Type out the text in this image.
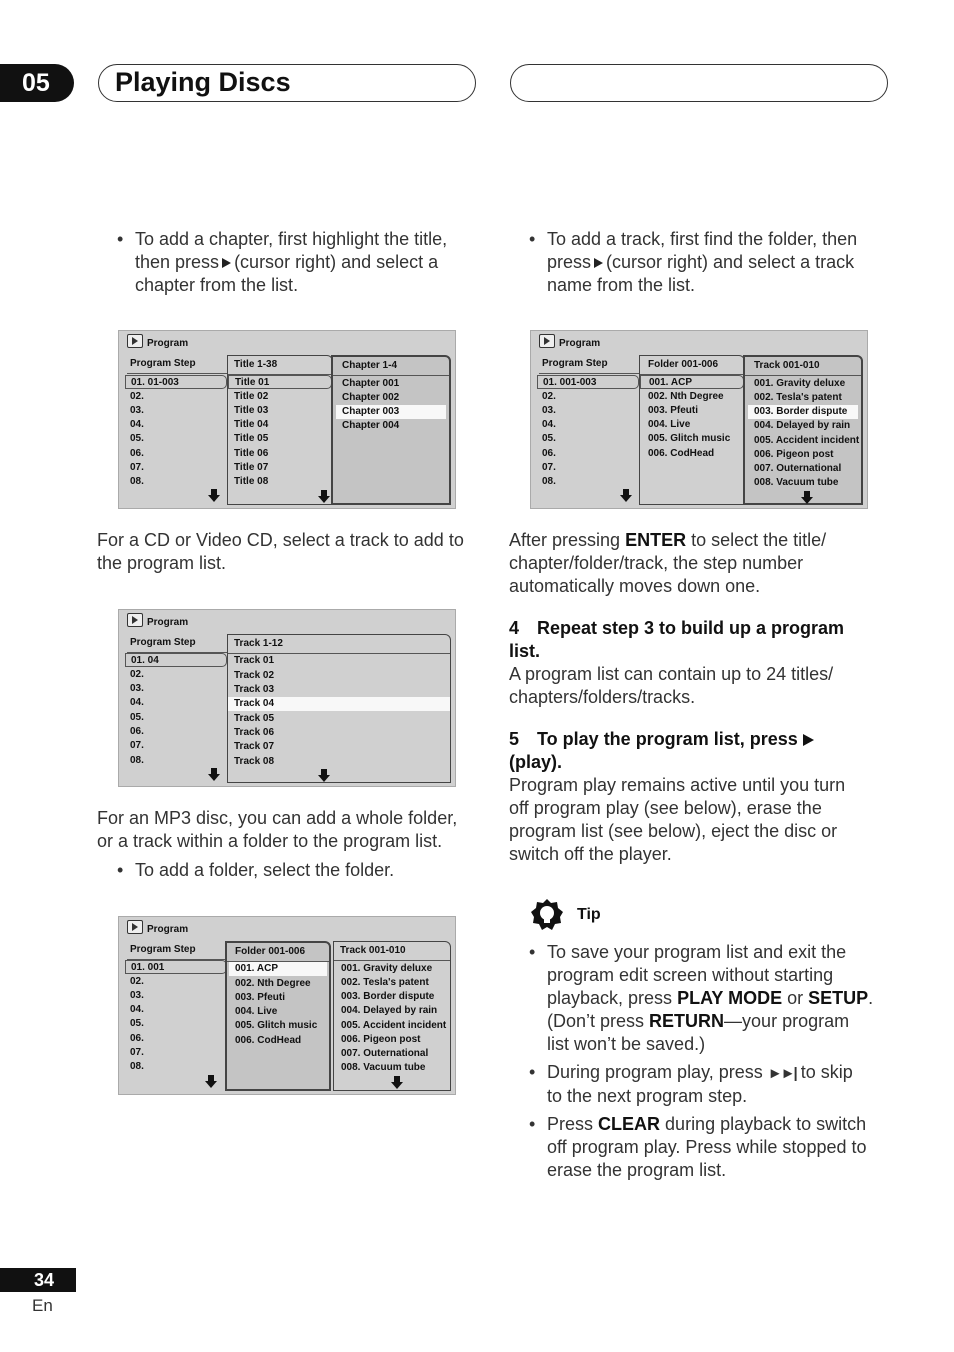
05	Playing Discs
• To add a chapter, first highlight the title,
then press (cursor right) and select a
chapter from the list.
Program
Program Step
01. 01-003
02.
03.
04.
05.
06.
07.
08.
Title 1-38
Title 01
Title 02
Title 03
Title 04
Title 05
Title 06
Title 07
Title 08
Chapter 1-4
Chapter 001
Chapter 002
Chapter 003
Chapter 004
For a CD or Video CD, select a track to add to
the program list.
Program
Program Step
01. 04
02.
03.
04.
05.
06.
07.
08.
Track 1-12
Track 01
Track 02
Track 03
Track 04
Track 05
Track 06
Track 07
Track 08
For an MP3 disc, you can add a whole folder,
or a track within a folder to the program list.
• To add a folder, select the folder.
Program
Program Step
01. 001
02.
03.
04.
05.
06.
07.
08.
Folder 001-006
001. ACP
002. Nth Degree
003. Pfeuti
004. Live
005. Glitch music
006. CodHead
Track 001-010
001. Gravity deluxe
002. Tesla's patent
003. Border dispute
004. Delayed by rain
005. Accident incident
006. Pigeon post
007. Outernational
008. Vacuum tube
• To add a track, first find the folder, then
press (cursor right) and select a track
name from the list.
Program
Program Step
01. 001-003
02.
03.
04.
05.
06.
07.
08.
Folder 001-006
001. ACP
002. Nth Degree
003. Pfeuti
004. Live
005. Glitch music
006. CodHead
Track 001-010
001. Gravity deluxe
002. Tesla's patent
003. Border dispute
004. Delayed by rain
005. Accident incident
006. Pigeon post
007. Outernational
008. Vacuum tube
After pressing ENTER to select the title/
chapter/folder/track, the step number
automatically moves down one.
4 Repeat step 3 to build up a program
list.
A program list can contain up to 24 titles/
chapters/folders/tracks.
5 To play the program list, press
(play).
Program play remains active until you turn
off program play (see below), erase the
program list (see below), eject the disc or
switch off the player.
Tip
• To save your program list and exit the
program edit screen without starting
playback, press PLAY MODE or SETUP.
(Don’t press RETURN—your program
list won’t be saved.)
• During program play, press ►►| to skip
to the next program step.
• Press CLEAR during playback to switch
off program play. Press while stopped to
erase the program list.
34
En
